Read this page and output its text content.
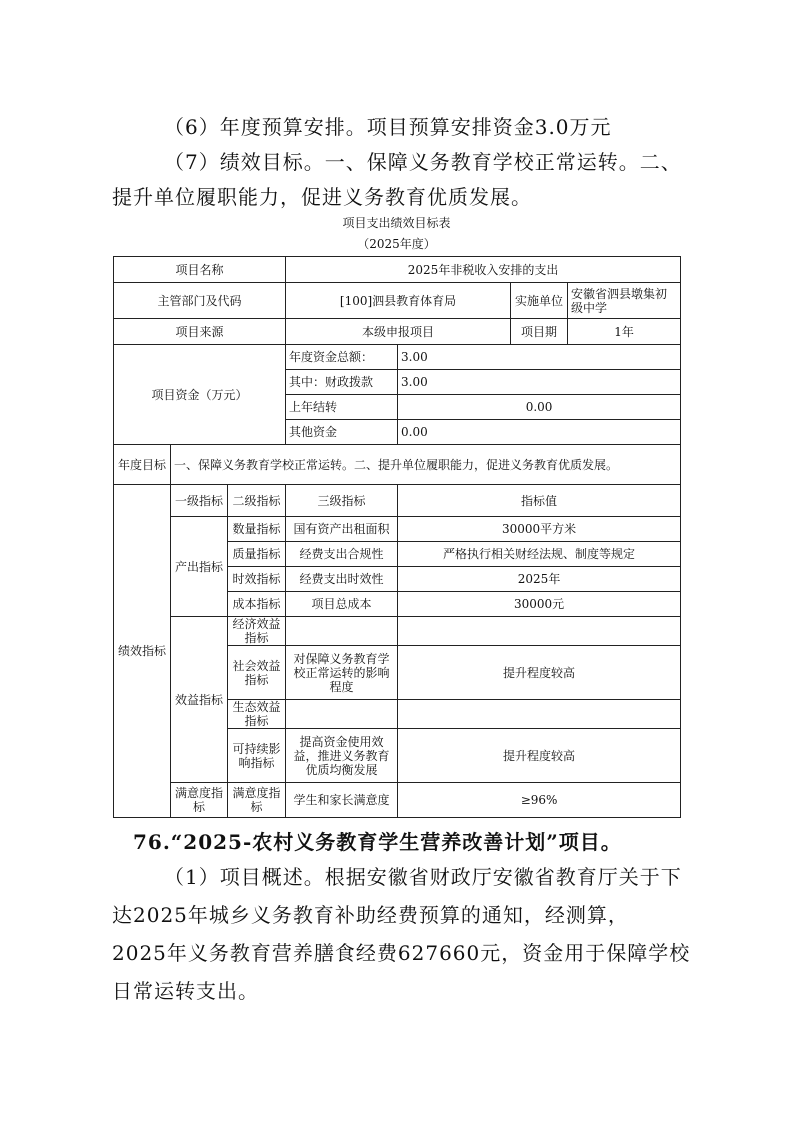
（6）年度预算安排。项目预算安排资金3.0万元
（7）绩效目标。一、保障义务教育学校正常运转。二、
提升单位履职能力，促进义务教育优质发展。
项目支出绩效目标表
（2025年度）
项目名称			2025年非税收入安排的支出			
主管部门及代码			[100]泗县教育体育局		实施单位	安徽省泗县墩集初级中学
项目来源			本级申报项目		项目期	1年
项目资金（万元）			年度资金总额：	3.00		
			其中：财政拨款	3.00		
			上年结转	0.00		
			其他资金	0.00		
年度目标	一、保障义务教育学校正常运转。二、提升单位履职能力，促进义务教育优质发展。					
绩效指标	一级指标	二级指标	三级指标	指标值		
	产出指标	数量指标	国有资产出租面积	30000平方米		
		质量指标	经费支出合规性	严格执行相关财经法规、制度等规定		
		时效指标	经费支出时效性	2025年		
		成本指标	项目总成本	30000元		
	效益指标	经济效益指标				
		社会效益指标	对保障义务教育学校正常运转的影响程度	提升程度较高		
		生态效益指标				
		可持续影响指标	提高资金使用效益，推进义务教育优质均衡发展	提升程度较高		
	满意度指标	满意度指标	学生和家长满意度	≥96%		
76.“2025-农村义务教育学生营养改善计划”项目。
（1）项目概述。根据安徽省财政厅安徽省教育厅关于下
达2025年城乡义务教育补助经费预算的通知，经测算，
2025年义务教育营养膳食经费627660元，资金用于保障学校
日常运转支出。
